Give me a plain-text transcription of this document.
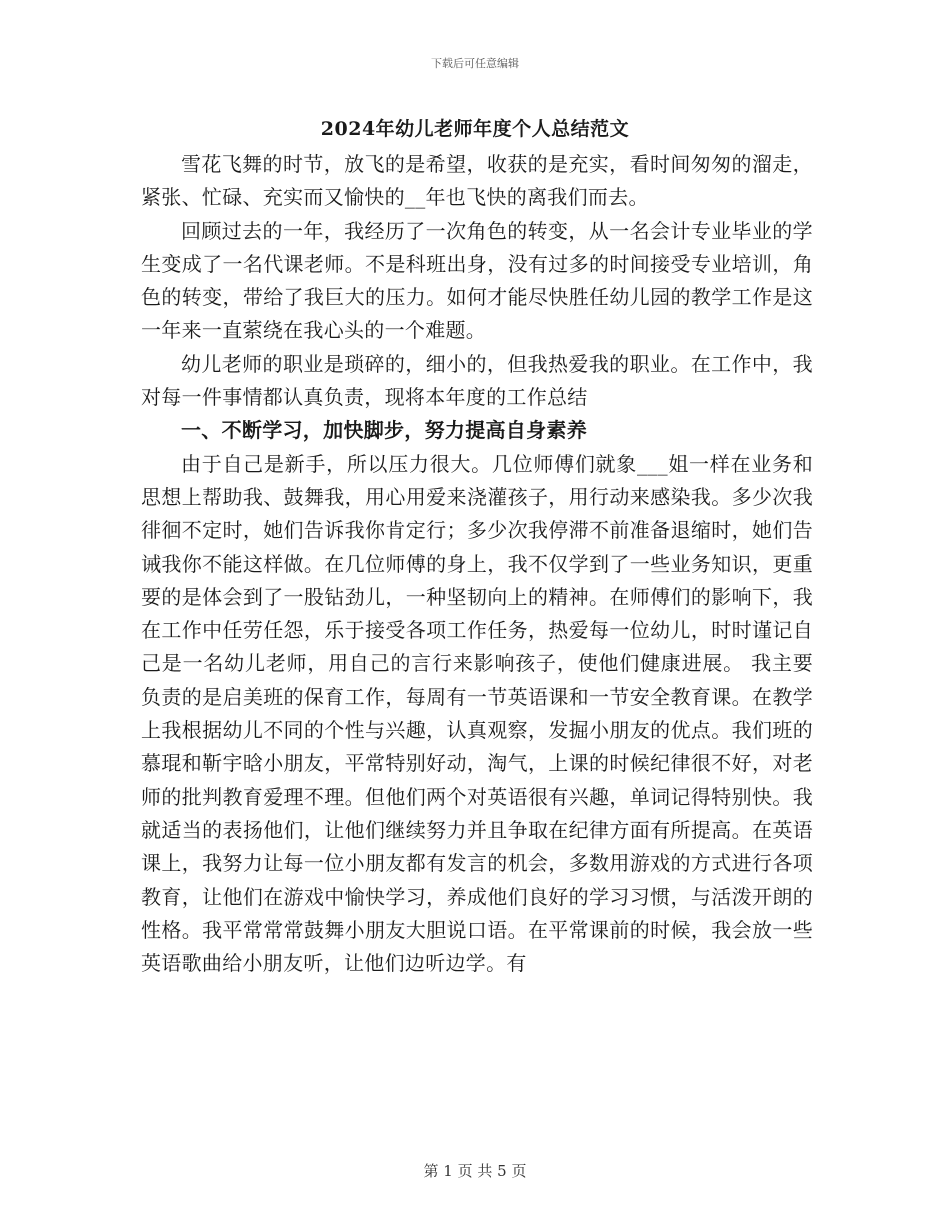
下载后可任意编辑
2024年幼儿老师年度个人总结范文

雪花飞舞的时节，放飞的是希望，收获的是充实，看时间匆匆的溜走，紧张、忙碌、充实而又愉快的__年也飞快的离我们而去。

回顾过去的一年，我经历了一次角色的转变，从一名会计专业毕业的学生变成了一名代课老师。不是科班出身，没有过多的时间接受专业培训，角色的转变，带给了我巨大的压力。如何才能尽快胜任幼儿园的教学工作是这一年来一直萦绕在我心头的一个难题。

幼儿老师的职业是琐碎的，细小的，但我热爱我的职业。在工作中，我对每一件事情都认真负责，现将本年度的工作总结

一、不断学习，加快脚步，努力提高自身素养

由于自己是新手，所以压力很大。几位师傅们就象___姐一样在业务和思想上帮助我、鼓舞我，用心用爱来浇灌孩子，用行动来感染我。多少次我徘徊不定时，她们告诉我你肯定行；多少次我停滞不前准备退缩时，她们告诫我你不能这样做。在几位师傅的身上，我不仅学到了一些业务知识，更重要的是体会到了一股钻劲儿，一种坚韧向上的精神。在师傅们的影响下，我在工作中任劳任怨，乐于接受各项工作任务，热爱每一位幼儿，时时谨记自己是一名幼儿老师，用自己的言行来影响孩子，使他们健康进展。 我主要负责的是启美班的保育工作，每周有一节英语课和一节安全教育课。在教学上我根据幼儿不同的个性与兴趣，认真观察，发掘小朋友的优点。我们班的慕琨和靳宇晗小朋友，平常特别好动，淘气，上课的时候纪律很不好，对老师的批判教育爱理不理。但他们两个对英语很有兴趣，单词记得特别快。我就适当的表扬他们，让他们继续努力并且争取在纪律方面有所提高。在英语课上，我努力让每一位小朋友都有发言的机会，多数用游戏的方式进行各项教育，让他们在游戏中愉快学习，养成他们良好的学习习惯，与活泼开朗的性格。我平常常常鼓舞小朋友大胆说口语。在平常课前的时候，我会放一些英语歌曲给小朋友听，让他们边听边学。有

第 1 页 共 5 页
